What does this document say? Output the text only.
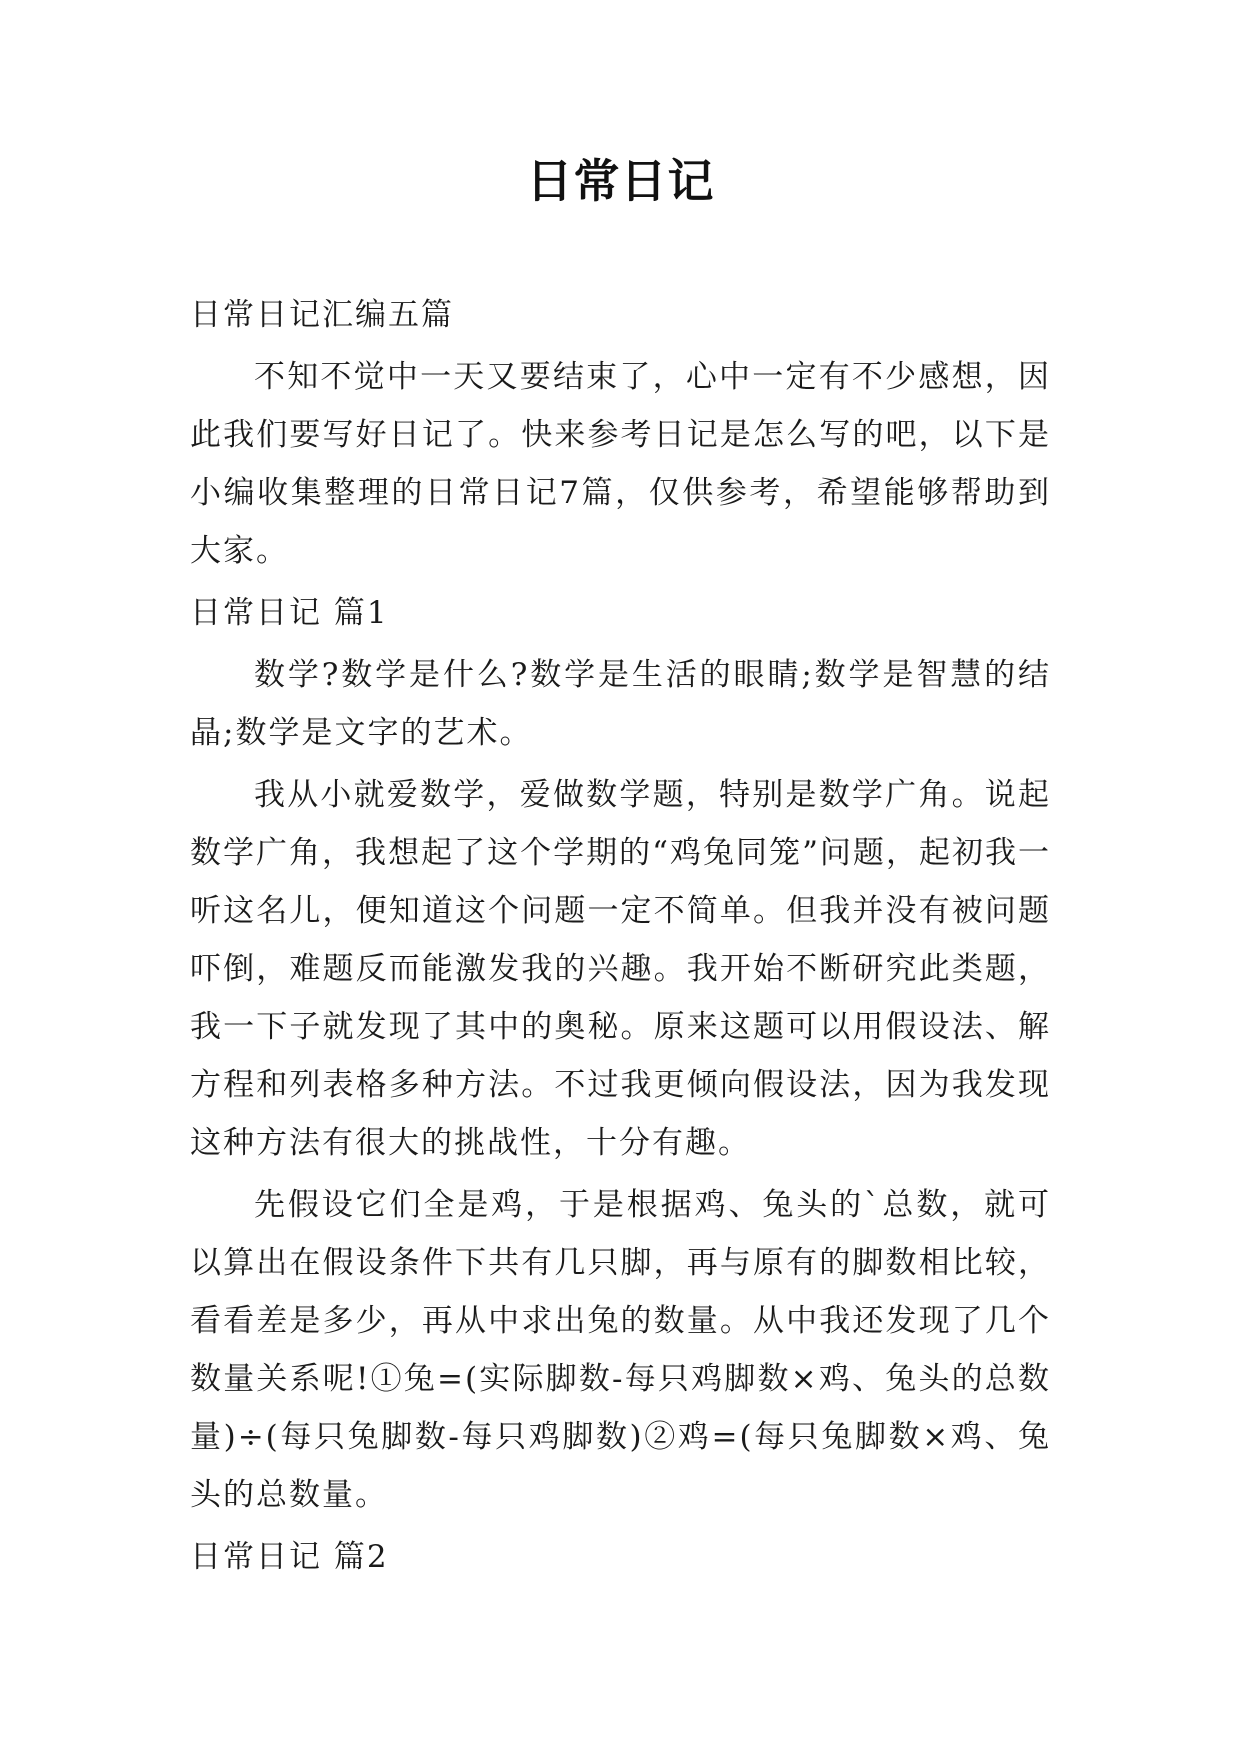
日常日记

日常日记汇编五篇

不知不觉中一天又要结束了，心中一定有不少感想，因此我们要写好日记了。快来参考日记是怎么写的吧，以下是小编收集整理的日常日记7篇，仅供参考，希望能够帮助到大家。

日常日记 篇1

数学?数学是什么?数学是生活的眼睛;数学是智慧的结晶;数学是文字的艺术。

我从小就爱数学，爱做数学题，特别是数学广角。说起数学广角，我想起了这个学期的“鸡兔同笼”问题，起初我一听这名儿，便知道这个问题一定不简单。但我并没有被问题吓倒，难题反而能激发我的兴趣。我开始不断研究此类题，我一下子就发现了其中的奥秘。原来这题可以用假设法、解方程和列表格多种方法。不过我更倾向假设法，因为我发现这种方法有很大的挑战性，十分有趣。

先假设它们全是鸡，于是根据鸡、兔头的`总数，就可以算出在假设条件下共有几只脚，再与原有的脚数相比较，看看差是多少，再从中求出兔的数量。从中我还发现了几个数量关系呢!①兔=(实际脚数-每只鸡脚数×鸡、兔头的总数量)÷(每只兔脚数-每只鸡脚数)②鸡=(每只兔脚数×鸡、兔头的总数量。

日常日记 篇2
